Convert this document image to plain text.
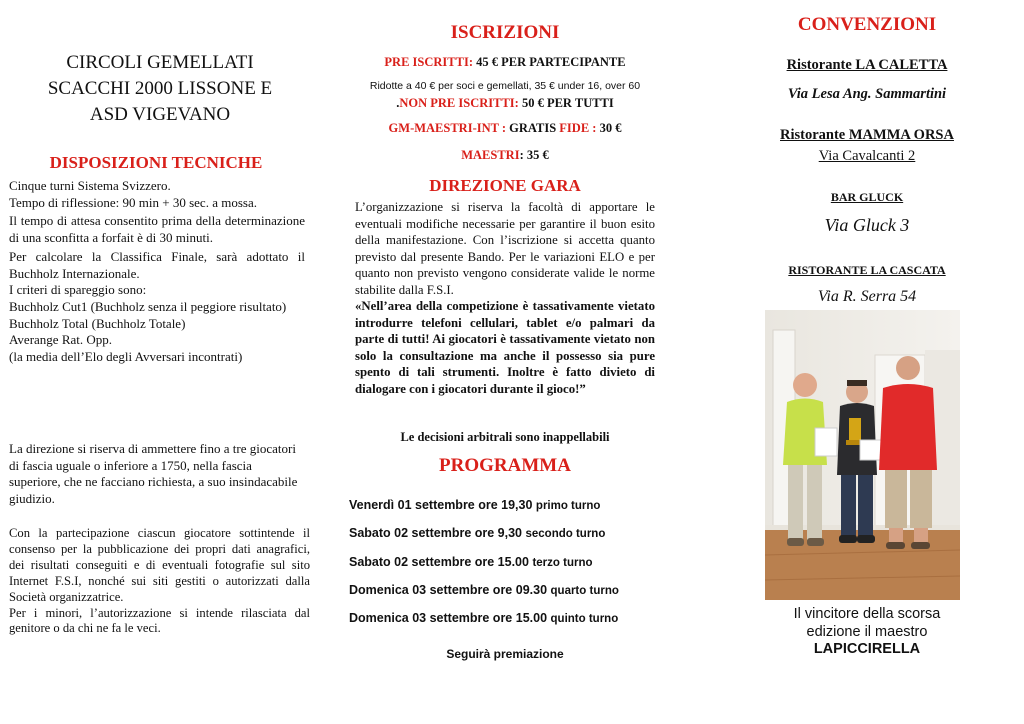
CIRCOLI GEMELLATI
SCACCHI 2000 LISSONE E
ASD VIGEVANO
DISPOSIZIONI TECNICHE

Cinque turni Sistema Svizzero.

Tempo di riflessione: 90 min + 30 sec. a mossa.

Il tempo di attesa consentito prima della determinazione di una sconfitta a forfait è di 30 minuti.

Per calcolare la Classifica Finale, sarà adottato il Buchholz Internazionale.

I criteri di spareggio sono:

Buchholz Cut1 (Buchholz senza il peggiore risultato)

Buchholz Total (Buchholz Totale)

Averange Rat. Opp.

(la media dell’Elo degli Avversari incontrati)

La direzione si riserva di ammettere fino a tre giocatori di fascia uguale o inferiore a 1750, nella fascia superiore, che ne facciano richiesta, a suo insindacabile giudizio.

Con la partecipazione ciascun giocatore sottintende il consenso per la pubblicazione dei propri dati anagrafici, dei risultati conseguiti e di eventuali fotografie sul sito Internet F.S.I, nonché sui siti gestiti o autorizzati dalla Società organizzatrice.

Per i minori, l’autorizzazione si intende rilasciata dal genitore o da chi ne fa le veci.

ISCRIZIONI
PRE ISCRITTI: 45 € PER PARTECIPANTE
Ridotte a 40 € per soci e gemellati, 35 € under 16, over 60
.NON PRE ISCRITTI: 50 € PER TUTTI
GM-MAESTRI-INT : GRATIS FIDE : 30 €
MAESTRI: 35 €
DIREZIONE GARA

L’organizzazione si riserva la facoltà di apportare le eventuali modifiche necessarie per garantire il buon esito della manifestazione. Con l’iscrizione si accetta quanto previsto dal presente Bando. Per le variazioni ELO e per quanto non previsto vengono considerate valide le norme stabilite dalla F.S.I.

«Nell’area della competizione è tassativamente vietato introdurre telefoni cellulari, tablet e/o palmari da parte di tutti! Ai giocatori è tassativamente vietato non solo la consultazione ma anche il possesso sia pure spento di tali strumenti. Inoltre è fatto divieto di dialogare con i giocatori durante il gioco!”

Le decisioni arbitrali sono inappellabili
PROGRAMMA
Venerdì 01 settembre ore 19,30 primo turno
Sabato 02 settembre ore 9,30 secondo turno
Sabato 02 settembre ore 15.00 terzo turno
Domenica 03 settembre ore 09.30 quarto turno
Domenica 03 settembre ore 15.00 quinto turno
Seguirà premiazione
CONVENZIONI
Ristorante LA CALETTA
Via Lesa Ang. Sammartini
Ristorante MAMMA ORSA
Via Cavalcanti 2
BAR GLUCK
Via Gluck 3
RISTORANTE LA CASCATA
Via R. Serra 54
Il vincitore della scorsa
edizione il maestro
LAPICCIRELLA
